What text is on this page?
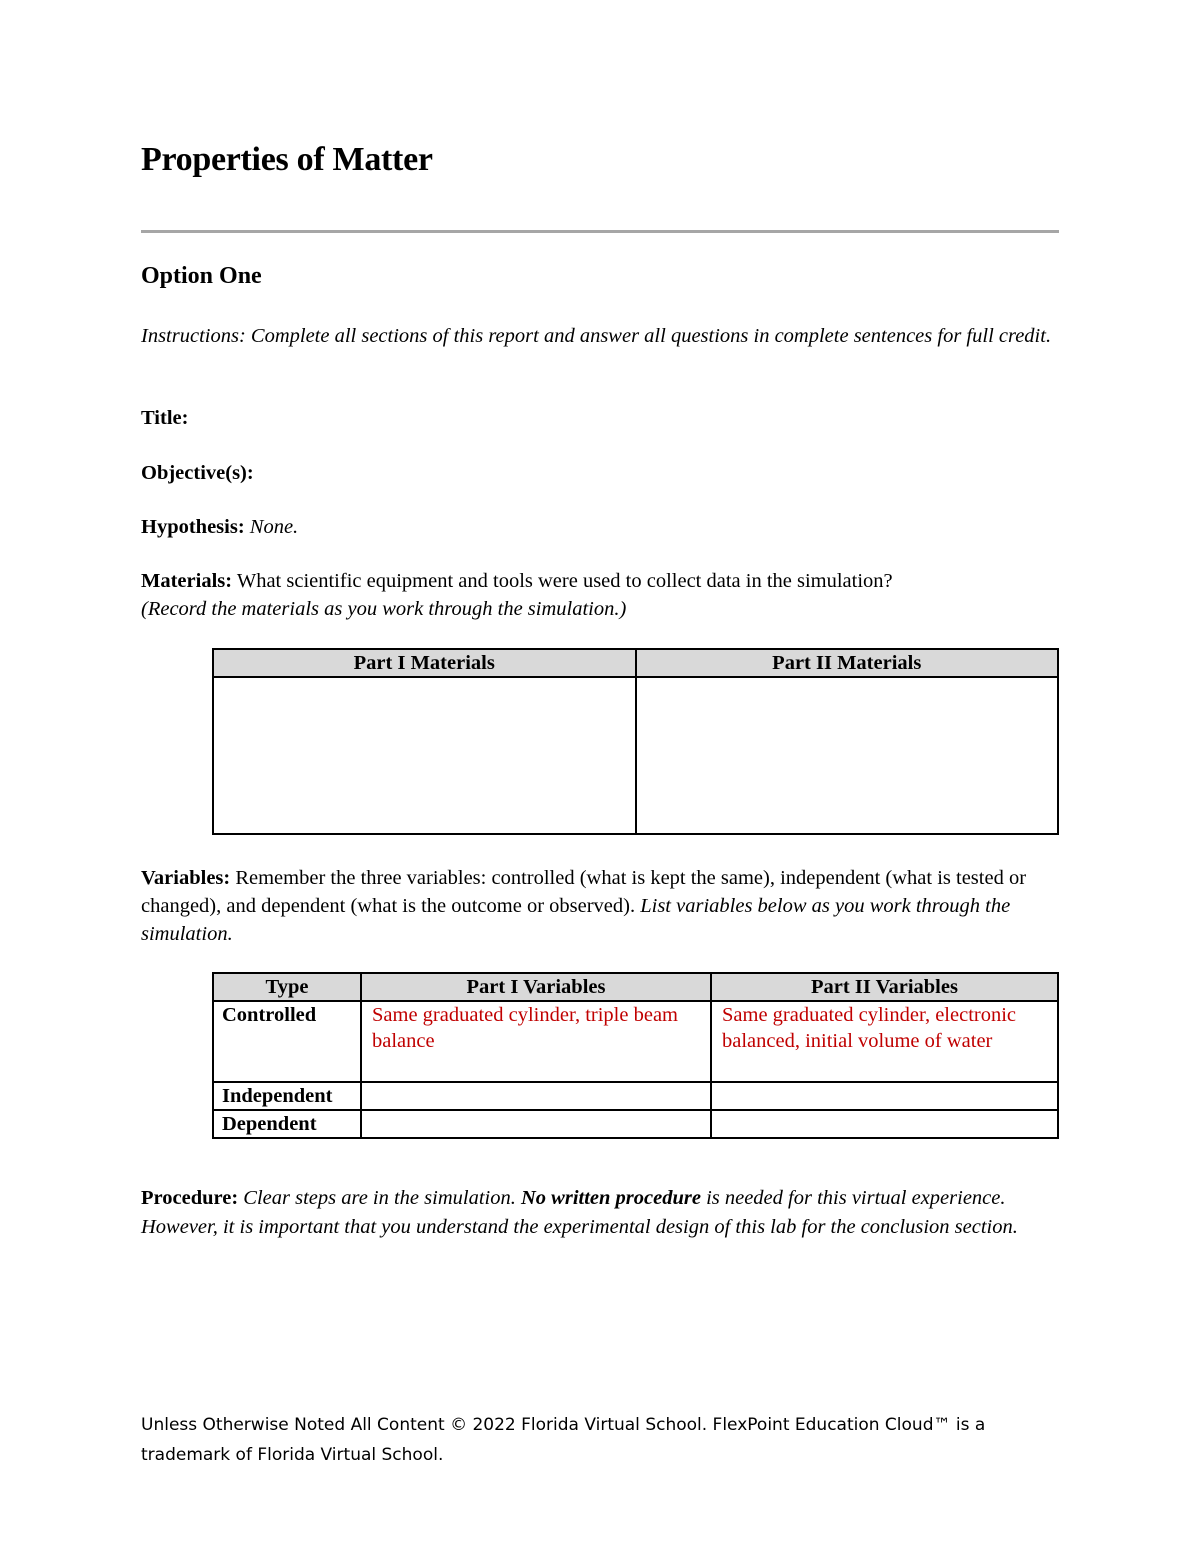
Properties of Matter
Option One

Instructions: Complete all sections of this report and answer all questions in complete sentences for full credit.

Title:

Objective(s):

Hypothesis: None.

Materials: What scientific equipment and tools were used to collect data in the simulation?
(Record the materials as you work through the simulation.)

Part I Materials	Part II Materials

Variables: Remember the three variables: controlled (what is kept the same), independent (what is tested or changed), and dependent (what is the outcome or observed). List variables below as you work through the simulation.

Type	Part I Variables	Part II Variables
Controlled	Same graduated cylinder, triple beam balance	Same graduated cylinder, electronic balanced, initial volume of water
Independent		
Dependent		

Procedure: Clear steps are in the simulation. No written procedure is needed for this virtual experience. However, it is important that you understand the experimental design of this lab for the conclusion section.

Unless Otherwise Noted All Content © 2022 Florida Virtual School. FlexPoint Education Cloud™ is a trademark of Florida Virtual School.
